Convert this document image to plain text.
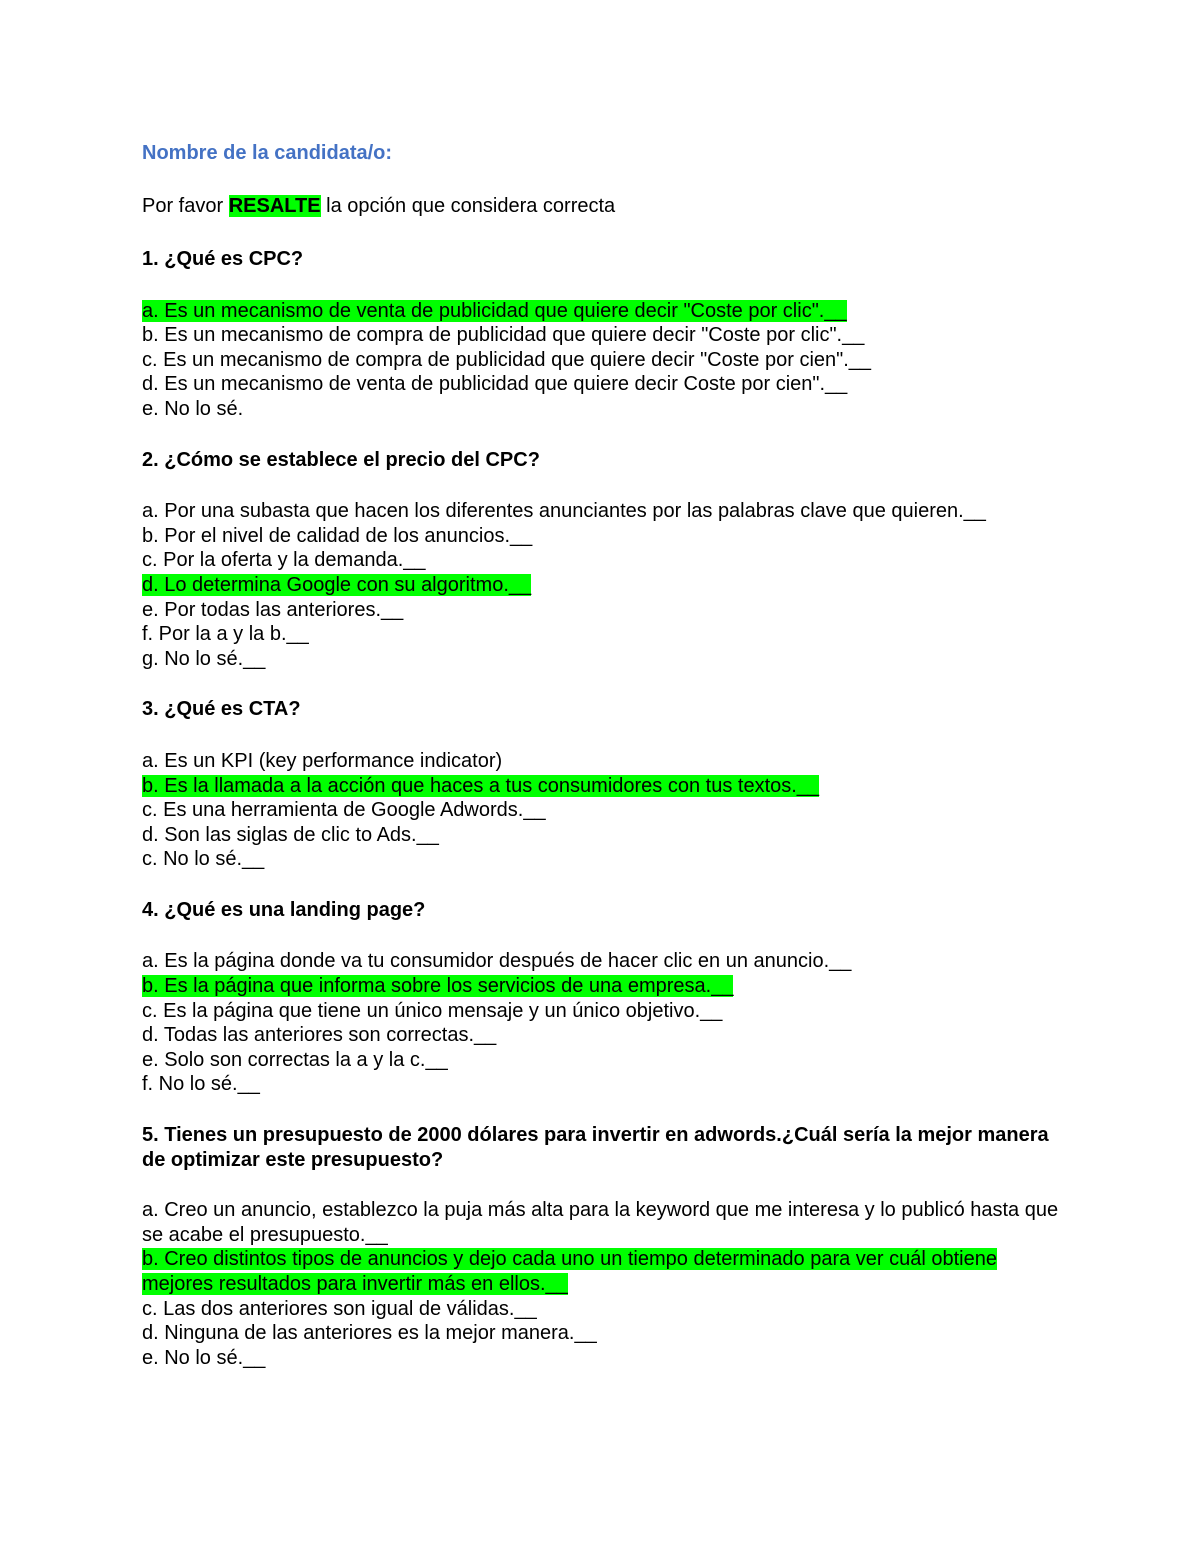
Nombre de la candidata/o:
Por favor RESALTE la opción que considera correcta
1. ¿Qué es CPC?
a. Es un mecanismo de venta de publicidad que quiere decir "Coste por clic".__
b. Es un mecanismo de compra de publicidad que quiere decir "Coste por clic".__
c. Es un mecanismo de compra de publicidad que quiere decir "Coste por cien".__
d. Es un mecanismo de venta de publicidad que quiere decir Coste por cien".__
e. No lo sé.
2. ¿Cómo se establece el precio del CPC?
a. Por una subasta que hacen los diferentes anunciantes por las palabras clave que quieren.__
b. Por el nivel de calidad de los anuncios.__
c. Por la oferta y la demanda.__
d. Lo determina Google con su algoritmo.__
e. Por todas las anteriores.__
f. Por la a y la b.__
g. No lo sé.__
3. ¿Qué es CTA?
a. Es un KPI (key performance indicator)
b. Es la llamada a la acción que haces a tus consumidores con tus textos.__
c. Es una herramienta de Google Adwords.__
d. Son las siglas de clic to Ads.__
c. No lo sé.__
4. ¿Qué es una landing page?
a. Es la página donde va tu consumidor después de hacer clic en un anuncio.__
b. Es la página que informa sobre los servicios de una empresa.__
c. Es la página que tiene un único mensaje y un único objetivo.__
d. Todas las anteriores son correctas.__
e. Solo son correctas la a y la c.__
f. No lo sé.__
5. Tienes un presupuesto de 2000 dólares para invertir en adwords.¿Cuál sería la mejor manera de optimizar este presupuesto?
a. Creo un anuncio, establezco la puja más alta para la keyword que me interesa y lo publicó hasta que se acabe el presupuesto.__
b. Creo distintos tipos de anuncios y dejo cada uno un tiempo determinado para ver cuál obtiene mejores resultados para invertir más en ellos.__
c. Las dos anteriores son igual de válidas.__
d. Ninguna de las anteriores es la mejor manera.__
e. No lo sé.__
